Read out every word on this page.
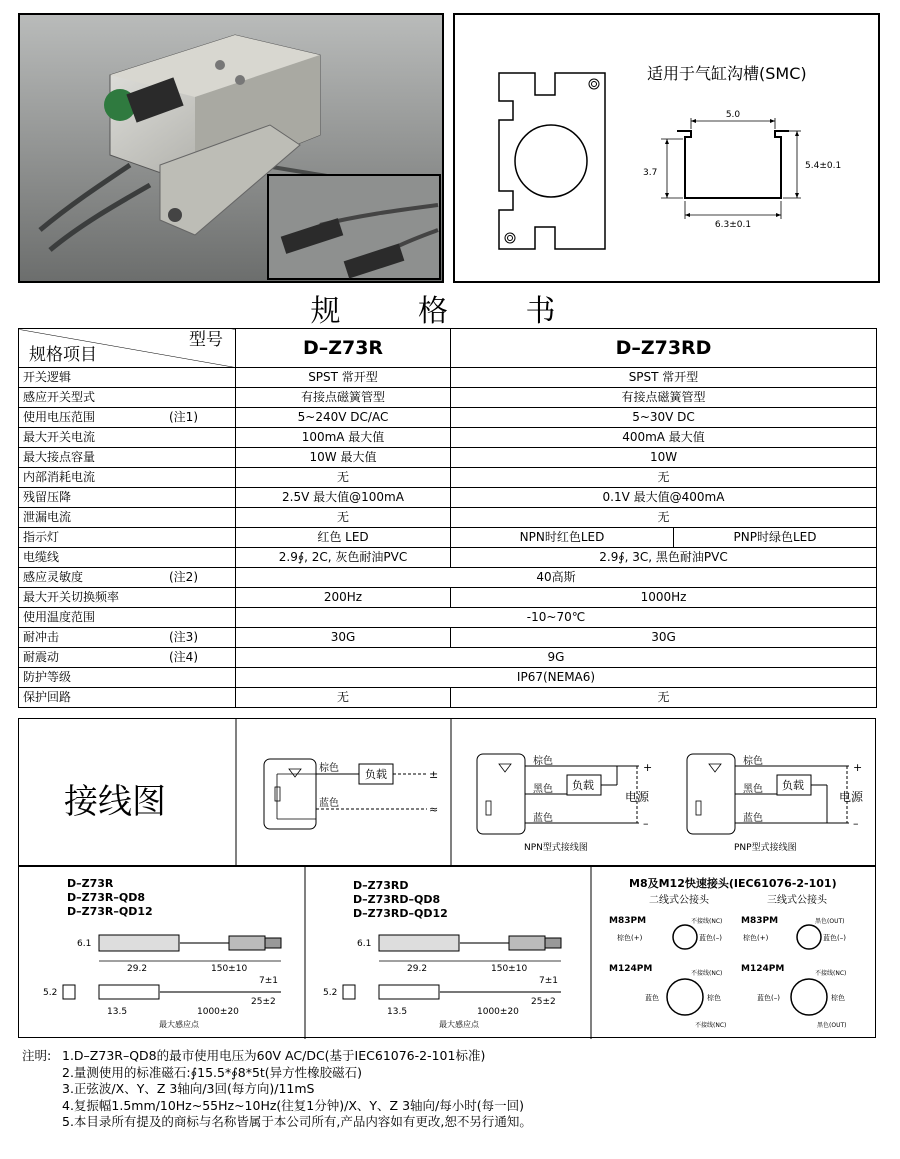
适用于气缸沟槽(SMC)
5.0
3.7
5.4±0.1
6.3±0.1
规 格 书
型号
规格项目	D–Z73R	D–Z73RD	
开关逻辑	SPST 常开型	SPST 常开型	
感应开关型式	有接点磁簧管型	有接点磁簧管型	
使用电压范围 (注1)	5~240V DC/AC	5~30V DC	
最大开关电流	100mA 最大值	400mA 最大值	
最大接点容量	10W 最大值	10W	
内部消耗电流	无	无	
残留压降	2.5V 最大值@100mA	0.1V 最大值@400mA	
泄漏电流	无	无	
指示灯	红色 LED	NPN时红色LED	PNP时绿色LED
电缆线	2.9∮, 2C, 灰色耐油PVC	2.9∮, 3C, 黑色耐油PVC	
感应灵敏度 (注2)	40高斯		
最大开关切换频率	200Hz	1000Hz	
使用温度范围	-10~70℃		
耐冲击 (注3)	30G	30G	
耐震动 (注4)	9G		
防护等级	IP67(NEMA6)		
保护回路	无	无	
接线图
棕色
蓝色
负载	±
≈
棕色
黑色
蓝色
负载
+
–
电源
NPN型式接线图
棕色
黑色
蓝色
负载
+
–
电源
PNP型式接线图
D–Z73R
D–Z73R–QD8
D–Z73R–QD12
D–Z73RD
D–Z73RD–QD8
D–Z73RD–QD12
6.1
29.2	150±10
5.2
7±1
25±2
13.5	1000±20
最大感应点
6.1
29.2	150±10
5.2
7±1
25±2
13.5	1000±20
最大感应点
M8及M12快速接头(IEC61076-2-101)
二线式公接头	三线式公接头
M83PM	M83PM
棕色(+)	蓝色(–)
不接线(NC)
棕色(+)	蓝色(–)
黑色(OUT)
M124PM	M124PM
不接线(NC)
蓝色	棕色
不接线(NC)
不接线(NC)
蓝色(–)	棕色
黑色(OUT)
注明: 1.D–Z73R–QD8的最市使用电压为60V AC/DC(基于IEC61076-2-101标准)
2.量测使用的标准磁石:∮15.5*∮8*5t(异方性橡胶磁石)
3.正弦波/X、Y、Z 3轴向/3回(每方向)/11mS
4.复振幅1.5mm/10Hz~55Hz~10Hz(往复1分钟)/X、Y、Z 3轴向/每小时(每一回)
5.本目录所有提及的商标与名称皆属于本公司所有,产品内容如有更改,恕不另行通知。
